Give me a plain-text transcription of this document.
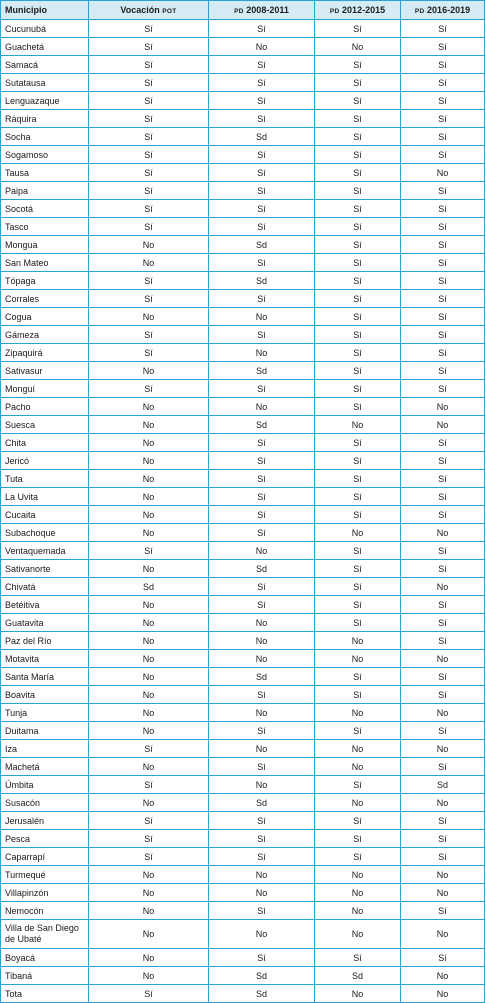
Municipio	Vocación POT	PD 2008-2011	PD 2012-2015	PD 2016-2019
Cucunubá	Sí	Sí	Sí	Sí
Guachetá	Sí	No	No	Sí
Samacá	Sí	Sí	Sí	Sí
Sutatausa	Sí	Sí	Sí	Sí
Lenguazaque	Sí	Sí	Sí	Sí
Ráquira	Sí	Sí	Sí	Sí
Socha	Sí	Sd	Sí	Sí
Sogamoso	Sí	Sí	Sí	Sí
Tausa	Sí	Sí	Sí	No
Paipa	Sí	Sí	Sí	Sí
Socotá	Sí	Sí	Sí	Sí
Tasco	Sí	Sí	Sí	Sí
Mongua	No	Sd	Sí	Sí
San Mateo	No	Sí	Sí	Sí
Tópaga	Sí	Sd	Sí	Sí
Corrales	Sí	Sí	Sí	Sí
Cogua	No	No	Sí	Sí
Gámeza	Sí	Sí	Sí	Sí
Zipaquirá	Sí	No	Sí	Sí
Sativasur	No	Sd	Sí	Sí
Monguí	Sí	Sí	Sí	Sí
Pacho	No	No	Sí	No
Suesca	No	Sd	No	No
Chita	No	Sí	Sí	Sí
Jericó	No	Sí	Sí	Sí
Tuta	No	Sí	Sí	Sí
La Uvita	No	Sí	Sí	Sí
Cucaita	No	Sí	Sí	Sí
Subachoque	No	Sí	No	No
Ventaquemada	Sí	No	Sí	Sí
Sativanorte	No	Sd	Sí	Sí
Chivatá	Sd	Sí	Sí	No
Betéitiva	No	Sí	Sí	Sí
Guatavita	No	No	Sí	Sí
Paz del Río	No	No	No	Sí
Motavita	No	No	No	No
Santa María	No	Sd	Sí	Sí
Boavita	No	Sí	Sí	Sí
Tunja	No	No	No	No
Duitama	No	Sí	Sí	Sí
Iza	Sí	No	No	No
Machetá	No	Sí	No	Sí
Úmbita	Sí	No	Sí	Sd
Susacón	No	Sd	No	No
Jerusalén	Sí	Sí	Sí	Sí
Pesca	Sí	Sí	Sí	Sí
Caparrapí	Sí	Sí	Sí	Sí
Turmequé	No	No	No	No
Villapinzón	No	No	No	No
Nemocón	No	Sí	No	Sí
Villa de San Diego de Ubaté	No	No	No	No
Boyacá	No	Sí	Sí	Sí
Tibaná	No	Sd	Sd	No
Tota	Sí	Sd	No	No
